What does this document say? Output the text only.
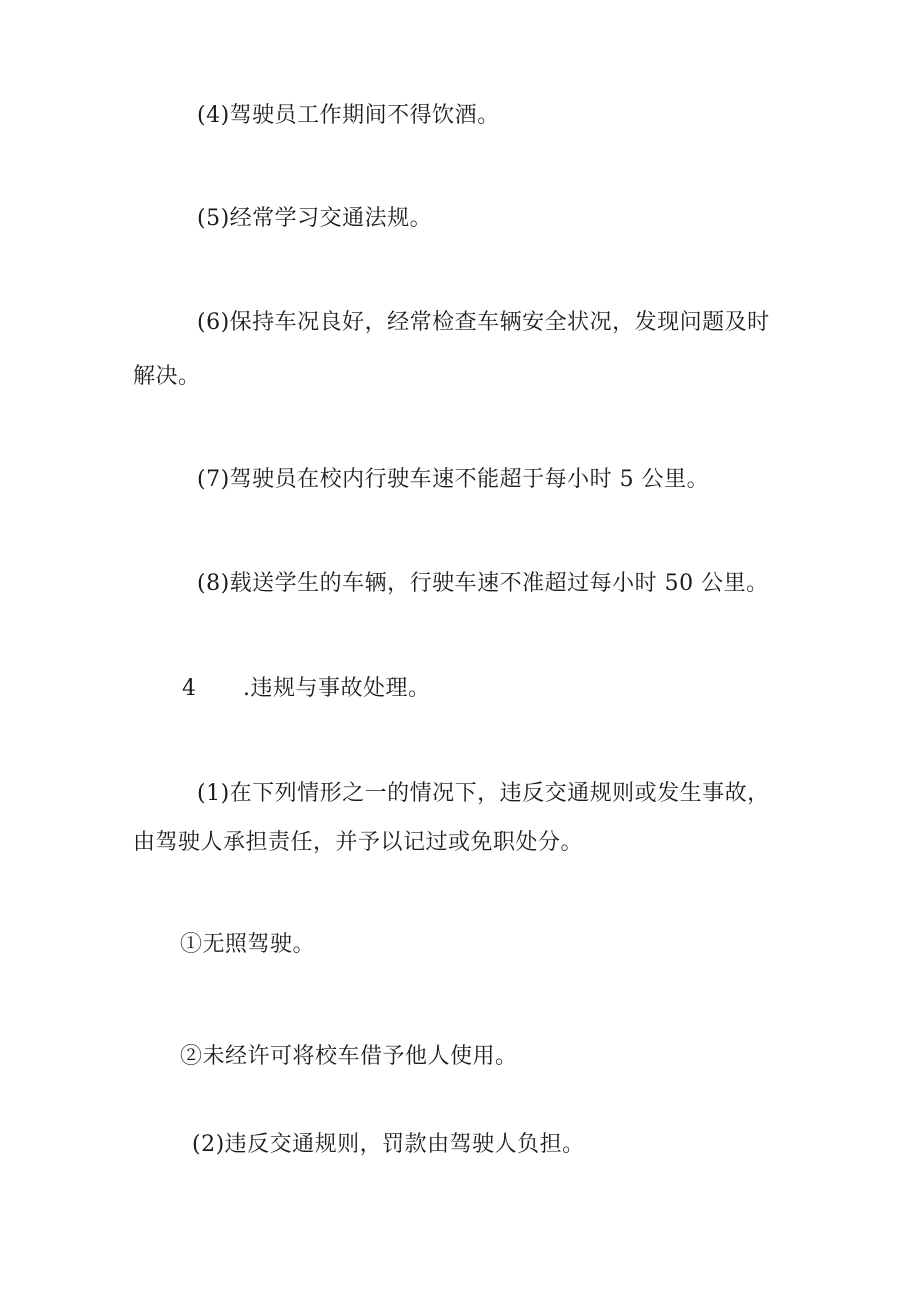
(4)驾驶员工作期间不得饮酒。
(5)经常学习交通法规。
(6)保持车况良好，经常检查车辆安全状况，发现问题及时
解决。
(7)驾驶员在校内行驶车速不能超于每小时 5 公里。
(8)载送学生的车辆，行驶车速不准超过每小时 50 公里。
4 .违规与事故处理。
(1)在下列情形之一的情况下，违反交通规则或发生事故，
由驾驶人承担责任，并予以记过或免职处分。
①无照驾驶。
②未经许可将校车借予他人使用。
(2)违反交通规则，罚款由驾驶人负担。
